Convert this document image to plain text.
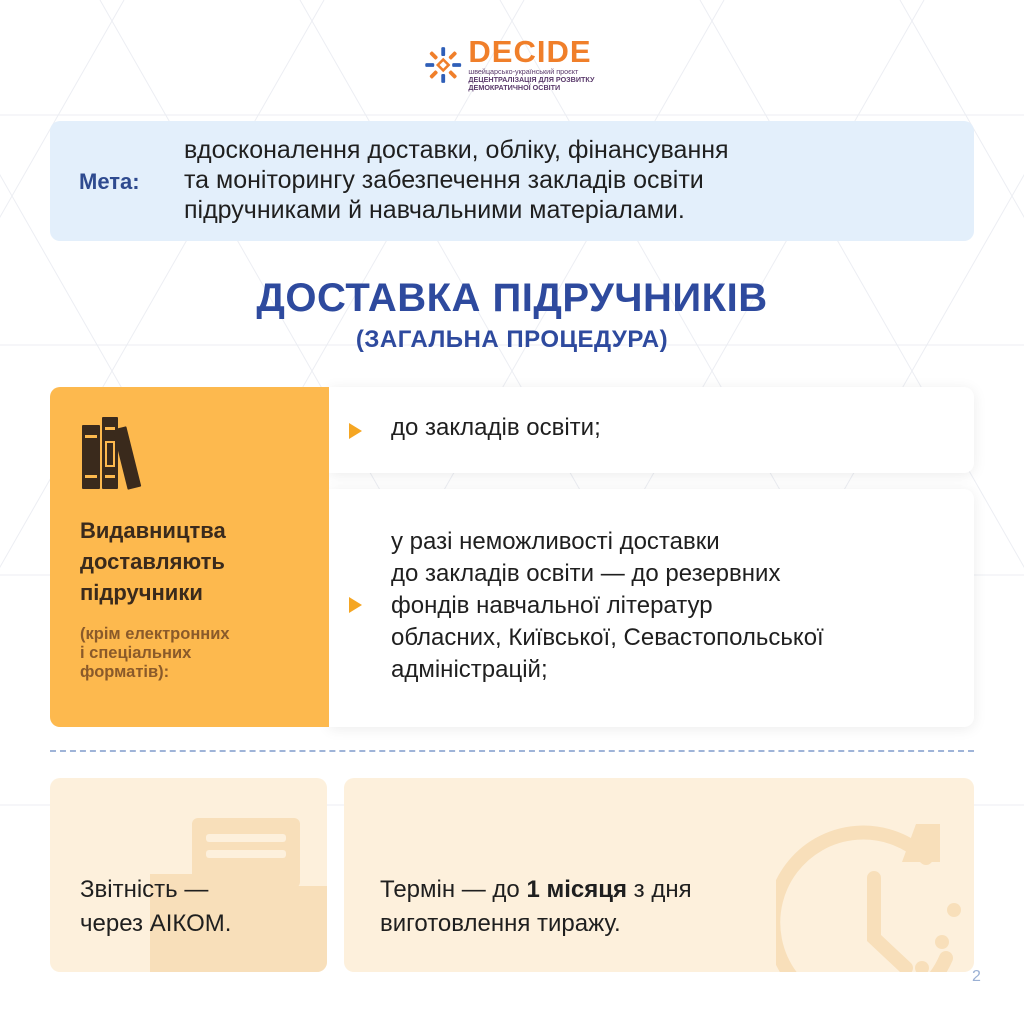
DECIDE
швейцарсько-український проєкт
ДЕЦЕНТРАЛІЗАЦІЯ ДЛЯ РОЗВИТКУ ДЕМОКРАТИЧНОЇ ОСВІТИ
Мета:
вдосконалення доставки, обліку, фінансування
та моніторингу забезпечення закладів освіти
підручниками й навчальними матеріалами.
ДОСТАВКА ПІДРУЧНИКІВ
(ЗАГАЛЬНА ПРОЦЕДУРА)
Видавництва
доставляють
підручники
(крім електронних
і спеціальних
форматів):
до закладів освіти;
у разі неможливості доставки
до закладів освіти — до резервних
фондів навчальної літератур
обласних, Київської, Севастопольської
адміністрацій;
Звітність —
через АІКОМ.
Термін — до 1 місяця з дня
виготовлення тиражу.
2
